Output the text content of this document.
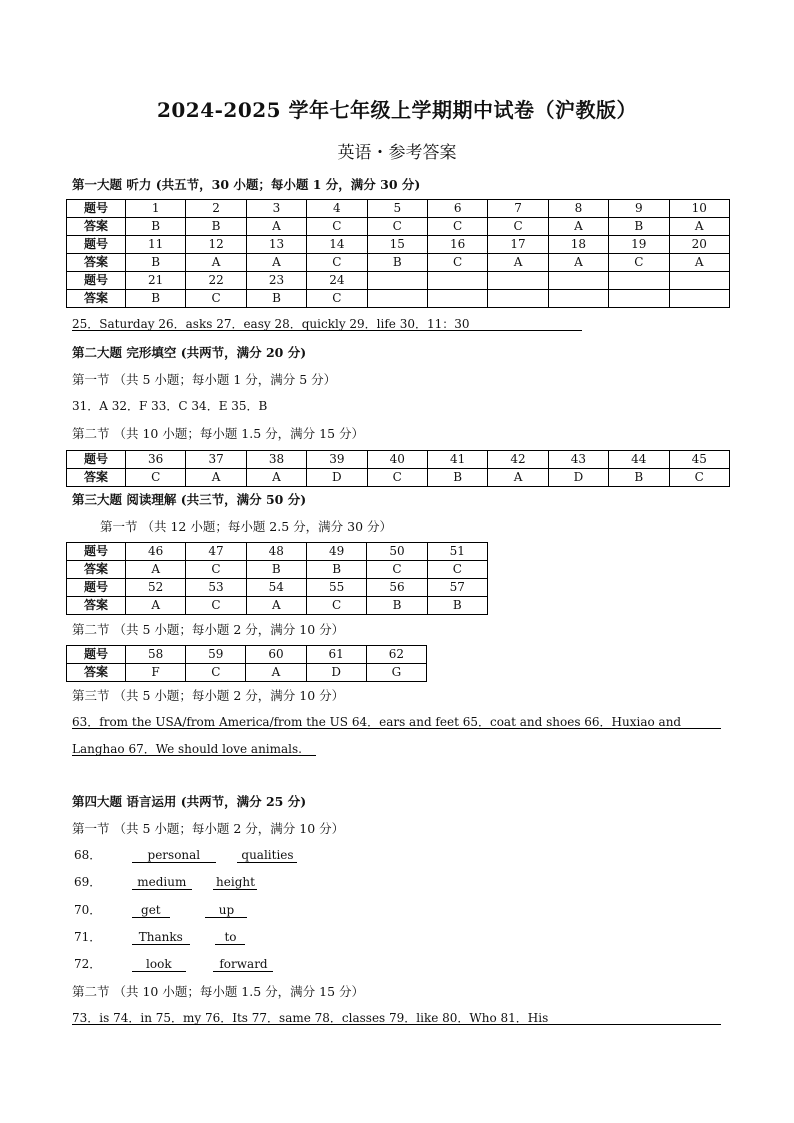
2024-2025 学年七年级上学期期中试卷（沪教版）
英语・参考答案
第一大题 听力 (共五节，30 小题；每小题 1 分，满分 30 分)
题号	1	2	3	4	5	6	7	8	9	10
答案	B	B	A	C	C	C	C	A	B	A
题号	11	12	13	14	15	16	17	18	19	20
答案	B	A	A	C	B	C	A	A	C	A
题号	21	22	23	24						
答案	B	C	B	C						
25．Saturday 26．asks 27．easy 28．quickly 29．life 30．11：30
第二大题 完形填空 (共两节，满分 20 分)
第一节 （共 5 小题；每小题 1 分，满分 5 分）
31．A 32．F 33．C 34．E 35．B
第二节 （共 10 小题；每小题 1.5 分，满分 15 分）
题号	36	37	38	39	40	41	42	43	44	45
答案	C	A	A	D	C	B	A	D	B	C
第三大题 阅读理解 (共三节，满分 50 分)
第一节 （共 12 小题；每小题 2.5 分，满分 30 分）
题号	46	47	48	49	50	51
答案	A	C	B	B	C	C
题号	52	53	54	55	56	57
答案	A	C	A	C	B	B
第二节 （共 5 小题；每小题 2 分，满分 10 分）
题号	58	59	60	61	62
答案	F	C	A	D	G
第三节 （共 5 小题；每小题 2 分，满分 10 分）
63．from the USA/from America/from the US 64．ears and feet 65．coat and shoes 66．Huxiao and
Langhao 67．We should love animals.
第四大题 语言运用 (共两节，满分 25 分)
第一节 （共 5 小题；每小题 2 分，满分 10 分）
68．	personal	qualities
69．	medium height
70．	get	up
71．	Thanks	to
72．	look	forward
第二节 （共 10 小题；每小题 1.5 分，满分 15 分）
73．is 74．in 75．my 76．Its 77．same 78．classes 79．like 80．Who 81．His
